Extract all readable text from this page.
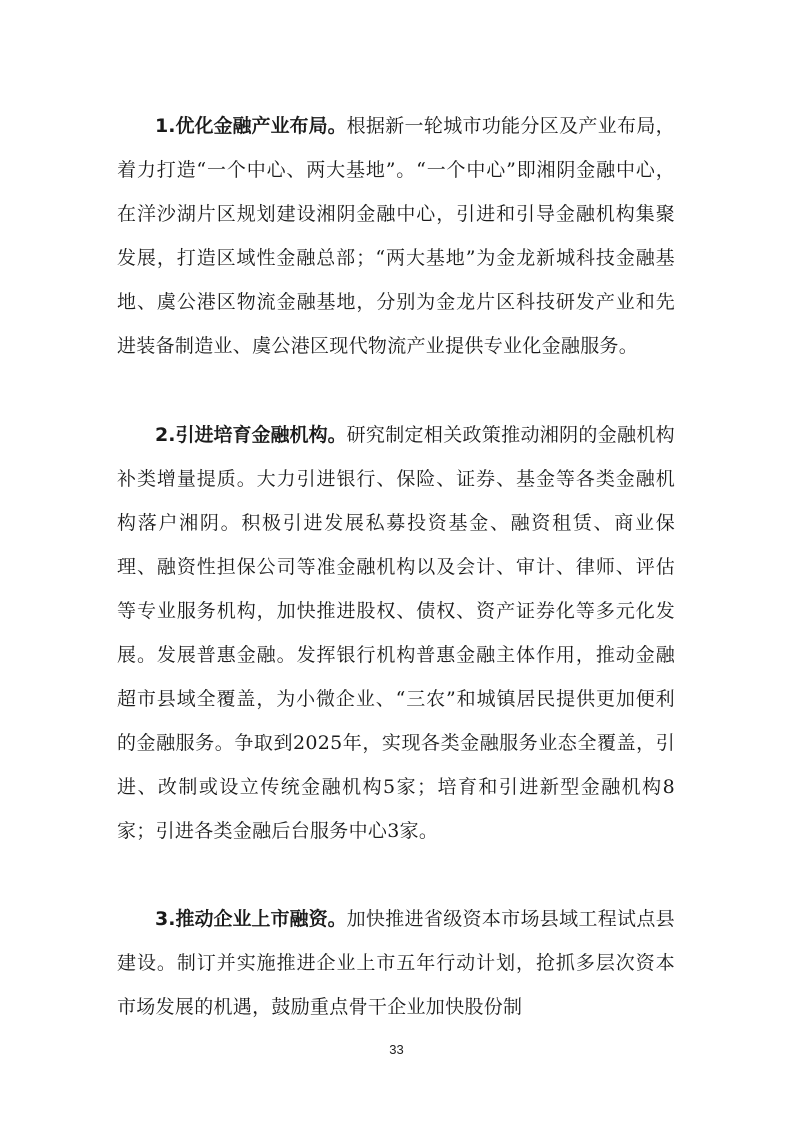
1.优化金融产业布局。根据新一轮城市功能分区及产业布局，着力打造“一个中心、两大基地”。“一个中心”即湘阴金融中心，在洋沙湖片区规划建设湘阴金融中心，引进和引导金融机构集聚发展，打造区域性金融总部；“两大基地”为金龙新城科技金融基地、虞公港区物流金融基地，分别为金龙片区科技研发产业和先进装备制造业、虞公港区现代物流产业提供专业化金融服务。

2.引进培育金融机构。研究制定相关政策推动湘阴的金融机构补类增量提质。大力引进银行、保险、证券、基金等各类金融机构落户湘阴。积极引进发展私募投资基金、融资租赁、商业保理、融资性担保公司等准金融机构以及会计、审计、律师、评估等专业服务机构，加快推进股权、债权、资产证券化等多元化发展。发展普惠金融。发挥银行机构普惠金融主体作用，推动金融超市县域全覆盖，为小微企业、“三农”和城镇居民提供更加便利的金融服务。争取到2025年，实现各类金融服务业态全覆盖，引进、改制或设立传统金融机构5家；培育和引进新型金融机构8家；引进各类金融后台服务中心3家。

3.推动企业上市融资。加快推进省级资本市场县域工程试点县建设。制订并实施推进企业上市五年行动计划，抢抓多层次资本市场发展的机遇，鼓励重点骨干企业加快股份制

33
